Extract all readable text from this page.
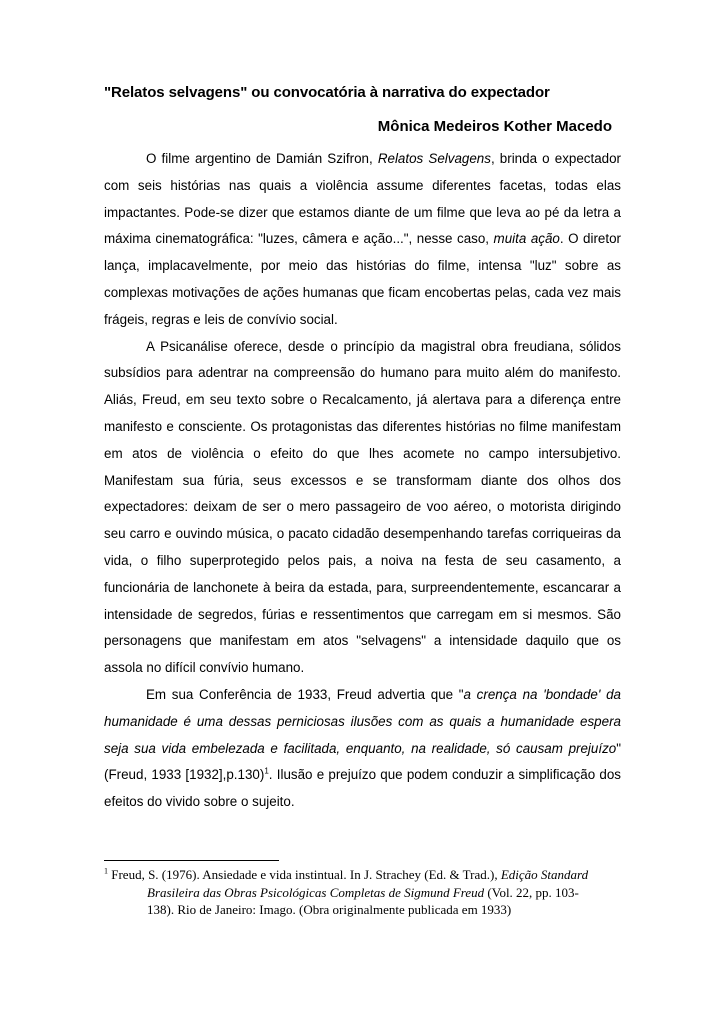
"Relatos selvagens" ou convocatória à narrativa do expectador
Mônica Medeiros Kother Macedo

O filme argentino de Damián Szifron, Relatos Selvagens, brinda o expectador com seis histórias nas quais a violência assume diferentes facetas, todas elas impactantes. Pode-se dizer que estamos diante de um filme que leva ao pé da letra a máxima cinematográfica: "luzes, câmera e ação...", nesse caso, muita ação. O diretor lança, implacavelmente, por meio das histórias do filme, intensa "luz" sobre as complexas motivações de ações humanas que ficam encobertas pelas, cada vez mais frágeis, regras e leis de convívio social.

A Psicanálise oferece, desde o princípio da magistral obra freudiana, sólidos subsídios para adentrar na compreensão do humano para muito além do manifesto. Aliás, Freud, em seu texto sobre o Recalcamento, já alertava para a diferença entre manifesto e consciente. Os protagonistas das diferentes histórias no filme manifestam em atos de violência o efeito do que lhes acomete no campo intersubjetivo. Manifestam sua fúria, seus excessos e se transformam diante dos olhos dos expectadores: deixam de ser o mero passageiro de voo aéreo, o motorista dirigindo seu carro e ouvindo música, o pacato cidadão desempenhando tarefas corriqueiras da vida, o filho superprotegido pelos pais, a noiva na festa de seu casamento, a funcionária de lanchonete à beira da estada, para, surpreendentemente, escancarar a intensidade de segredos, fúrias e ressentimentos que carregam em si mesmos. São personagens que manifestam em atos "selvagens" a intensidade daquilo que os assola no difícil convívio humano.

Em sua Conferência de 1933, Freud advertia que "a crença na 'bondade' da humanidade é uma dessas perniciosas ilusões com as quais a humanidade espera seja sua vida embelezada e facilitada, enquanto, na realidade, só causam prejuízo" (Freud, 1933 [1932],p.130)$^1$. Ilusão e prejuízo que podem conduzir a simplificação dos efeitos do vivido sobre o sujeito.

$^1$ Freud, S. (1976). Ansiedade e vida instintual. In J. Strachey (Ed. & Trad.), Edição Standard
Brasileira das Obras Psicológicas Completas de Sigmund Freud (Vol. 22, pp. 103-
138). Rio de Janeiro: Imago. (Obra originalmente publicada em 1933)
